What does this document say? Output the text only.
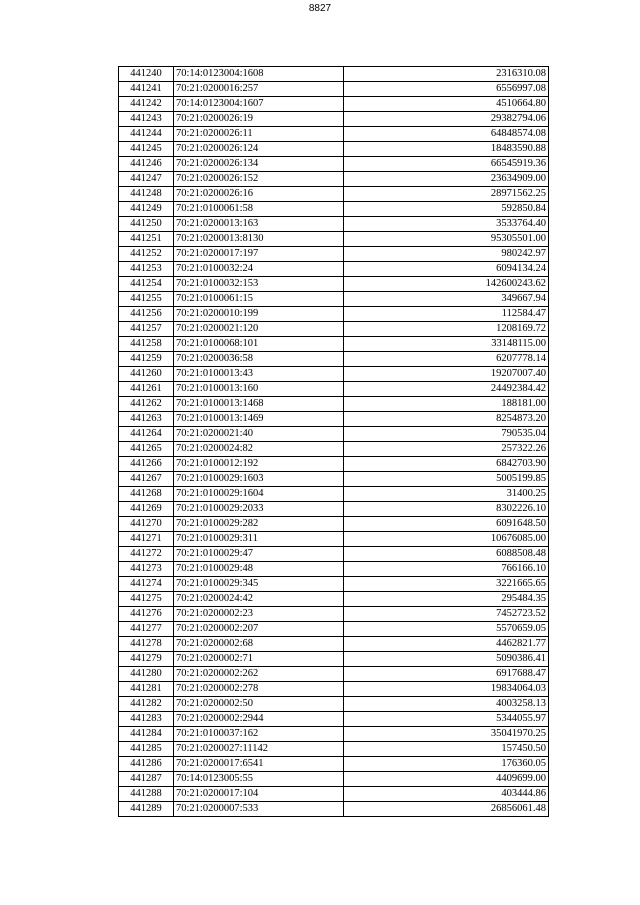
8827
441240	70:14:0123004:1608	2316310.08
441241	70:21:0200016:257	6556997.08
441242	70:14:0123004:1607	4510664.80
441243	70:21:0200026:19	29382794.06
441244	70:21:0200026:11	64848574.08
441245	70:21:0200026:124	18483590.88
441246	70:21:0200026:134	66545919.36
441247	70:21:0200026:152	23634909.00
441248	70:21:0200026:16	28971562.25
441249	70:21:0100061:58	592850.84
441250	70:21:0200013:163	3533764.40
441251	70:21:0200013:8130	95305501.00
441252	70:21:0200017:197	980242.97
441253	70:21:0100032:24	6094134.24
441254	70:21:0100032:153	142600243.62
441255	70:21:0100061:15	349667.94
441256	70:21:0200010:199	112584.47
441257	70:21:0200021:120	1208169.72
441258	70:21:0100068:101	33148115.00
441259	70:21:0200036:58	6207778.14
441260	70:21:0100013:43	19207007.40
441261	70:21:0100013:160	24492384.42
441262	70:21:0100013:1468	188181.00
441263	70:21:0100013:1469	8254873.20
441264	70:21:0200021:40	790535.04
441265	70:21:0200024:82	257322.26
441266	70:21:0100012:192	6842703.90
441267	70:21:0100029:1603	5005199.85
441268	70:21:0100029:1604	31400.25
441269	70:21:0100029:2033	8302226.10
441270	70:21:0100029:282	6091648.50
441271	70:21:0100029:311	10676085.00
441272	70:21:0100029:47	6088508.48
441273	70:21:0100029:48	766166.10
441274	70:21:0100029:345	3221665.65
441275	70:21:0200024:42	295484.35
441276	70:21:0200002:23	7452723.52
441277	70:21:0200002:207	5570659.05
441278	70:21:0200002:68	4462821.77
441279	70:21:0200002:71	5090386.41
441280	70:21:0200002:262	6917688.47
441281	70:21:0200002:278	19834064.03
441282	70:21:0200002:50	4003258.13
441283	70:21:0200002:2944	5344055.97
441284	70:21:0100037:162	35041970.25
441285	70:21:0200027:11142	157450.50
441286	70:21:0200017:6541	176360.05
441287	70:14:0123005:55	4409699.00
441288	70:21:0200017:104	403444.86
441289	70:21:0200007:533	26856061.48
